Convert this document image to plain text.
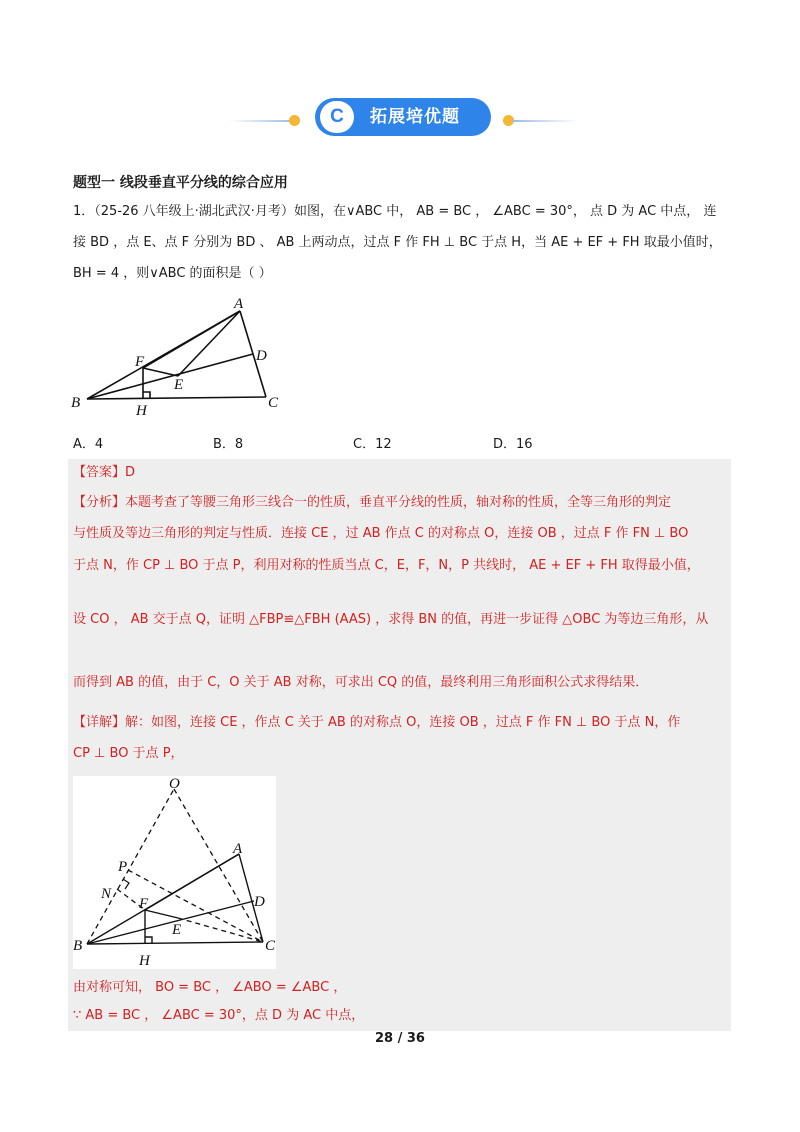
C	拓展培优题
题型一 线段垂直平分线的综合应用
1．（25-26 八年级上·湖北武汉·月考）如图，在∨ABC 中， AB = BC ， ∠ABC = 30°， 点 D 为 AC 中点， 连
接 BD ，点 E、点 F 分别为 BD 、 AB 上两动点，过点 F 作 FH ⊥ BC 于点 H，当 AE + EF + FH 取最小值时，
BH = 4 ，则∨ABC 的面积是（ ）
A
B	C
D
E
F
H
A．4	B．8	C．12	D．16
【答案】D
【分析】本题考查了等腰三角形三线合一的性质，垂直平分线的性质，轴对称的性质，全等三角形的判定
与性质及等边三角形的判定与性质．连接 CE ，过 AB 作点 C 的对称点 O，连接 OB ，过点 F 作 FN ⊥ BO
于点 N，作 CP ⊥ BO 于点 P，利用对称的性质当点 C，E，F，N，P 共线时， AE + EF + FH 取得最小值，
设 CO ， AB 交于点 Q，证明 △FBP≌△FBH (AAS) ，求得 BN 的值，再进一步证得 △OBC 为等边三角形，从
而得到 AB 的值，由于 C，O 关于 AB 对称，可求出 CQ 的值，最终利用三角形面积公式求得结果．
【详解】解：如图，连接 CE ，作点 C 关于 AB 的对称点 O，连接 OB ，过点 F 作 FN ⊥ BO 于点 N，作
CP ⊥ BO 于点 P，
O
P
N
A
F	D
E
B
H
C
由对称可知， BO = BC ， ∠ABO = ∠ABC ，
∵ AB = BC ， ∠ABC = 30°，点 D 为 AC 中点，
28 / 36
